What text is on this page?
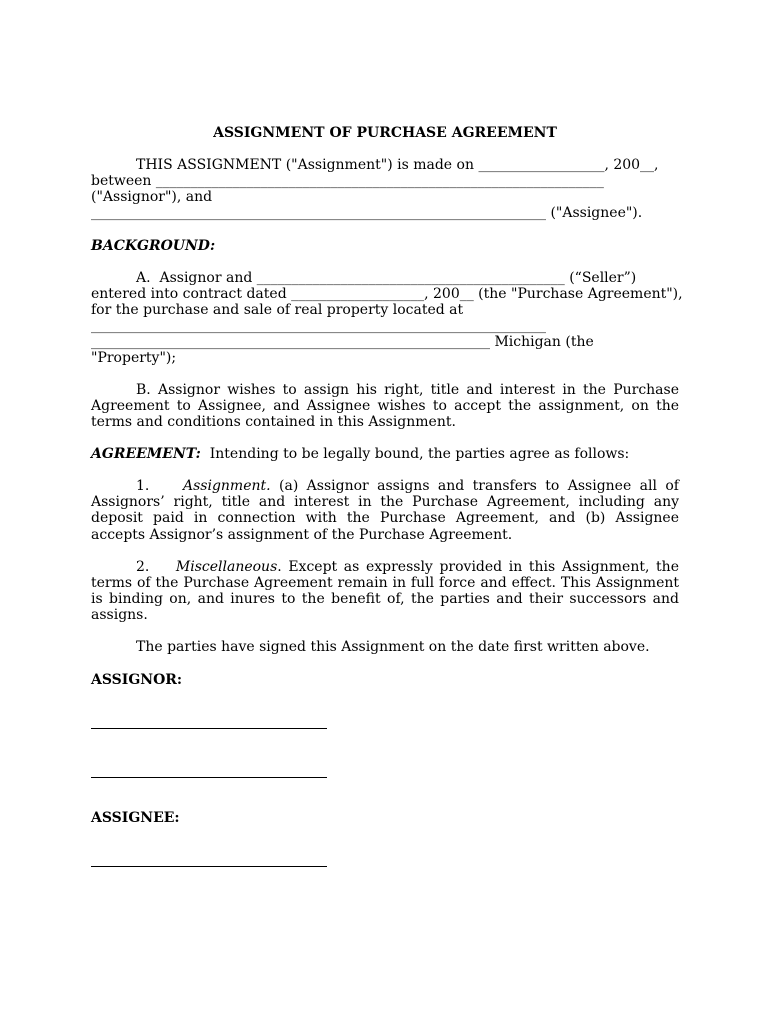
ASSIGNMENT OF PURCHASE AGREEMENT

THIS ASSIGNMENT ("Assignment") is made on __________________, 200__,

between ________________________________________________________________

("Assignor"), and

_________________________________________________________________ ("Assignee").

BACKGROUND:

A.  Assignor and ____________________________________________ (“Seller”)

entered into contract dated ___________________, 200__ (the "Purchase Agreement"),

for the purchase and sale of real property located at

_________________________________________________________________

_________________________________________________________ Michigan (the

"Property");

B. Assignor wishes to assign his right, title and interest in the Purchase Agreement to Assignee, and Assignee wishes to accept the assignment, on the terms and conditions contained in this Assignment.

AGREEMENT:  Intending to be legally bound, the parties agree as follows:

1.    Assignment. (a) Assignor assigns and transfers to Assignee all of Assignors’ right, title and interest in the Purchase Agreement, including any deposit paid in connection with the Purchase Agreement, and (b) Assignee accepts Assignor’s assignment of the Purchase Agreement.

2.    Miscellaneous. Except as expressly provided in this Assignment, the terms of the Purchase Agreement remain in full force and effect. This Assignment is binding on, and inures to the benefit of, the parties and their successors and assigns.

The parties have signed this Assignment on the date first written above.

ASSIGNOR:

ASSIGNEE:
